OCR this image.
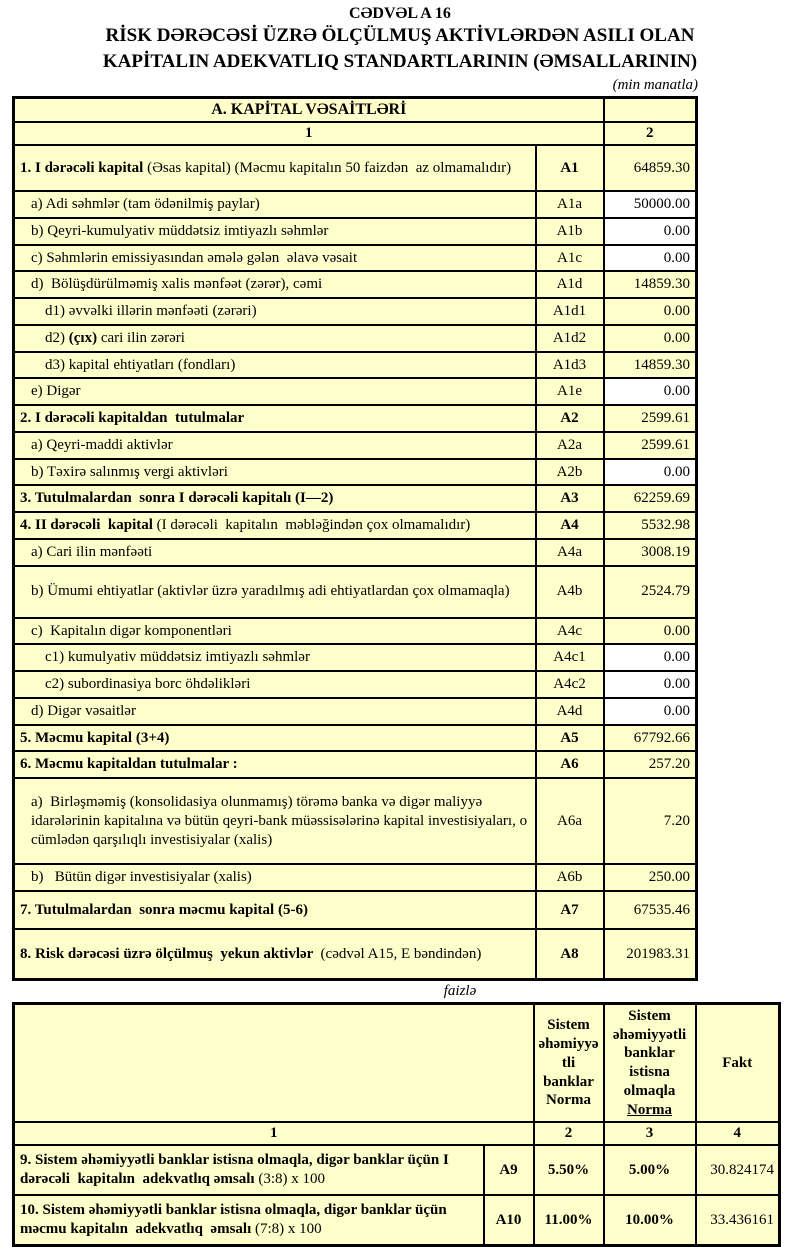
CƏDVƏL A 16
RİSK DƏRƏCƏSİ ÜZRƏ ÖLÇÜLMUŞ AKTİVLƏRDƏN ASILI OLAN
KAPİTALIN ADEKVATLIQ STANDARTLARININ (ƏMSALLARININ)
(min manatla)
A. KAPİTAL VƏSAİTLƏRİ		
1		2
1. I dərəcəli kapital (Əsas kapital) (Məcmu kapitalın 50 faizdən  az olmamalıdır)	A1	64859.30
a) Adi səhmlər (tam ödənilmiş paylar)	A1a	50000.00
b) Qeyri-kumulyativ müddətsiz imtiyazlı səhmlər	A1b	0.00
c) Səhmlərin emissiyasından əmələ gələn  əlavə vəsait	A1c	0.00
d)  Bölüşdürülməmiş xalis mənfəət (zərər), cəmi	A1d	14859.30
d1) əvvəlki illərin mənfəəti (zərəri)	A1d1	0.00
d2) (çıx) cari ilin zərəri	A1d2	0.00
d3) kapital ehtiyatları (fondları)	A1d3	14859.30
e) Digər	A1e	0.00
2. I dərəcəli kapitaldan  tutulmalar	A2	2599.61
a) Qeyri-maddi aktivlər	A2a	2599.61
b) Təxirə salınmış vergi aktivləri	A2b	0.00
3. Tutulmalardan  sonra I dərəcəli kapitalı (I—2)	A3	62259.69
4. II dərəcəli  kapital (I dərəcəli  kapitalın  məbləğindən çox olmamalıdır)	A4	5532.98
a) Cari ilin mənfəəti	A4a	3008.19
b) Ümumi ehtiyatlar (aktivlər üzrə yaradılmış adi ehtiyatlardan çox olmamaqla)	A4b	2524.79
c)  Kapitalın digər komponentləri	A4c	0.00
c1) kumulyativ müddətsiz imtiyazlı səhmlər	A4c1	0.00
c2) subordinasiya borc öhdəlikləri	A4c2	0.00
d) Digər vəsaitlər	A4d	0.00
5. Məcmu kapital (3+4)	A5	67792.66
6. Məcmu kapitaldan tutulmalar :	A6	257.20
a)  Birləşməmiş (konsolidasiya olunmamış) törəmə banka və digər maliyyə idarələrinin kapitalına və bütün qeyri-bank müəssisələrinə kapital investisiyaları, o cümlədən qarşılıqlı investisiyalar (xalis)	A6a	7.20
b)   Bütün digər investisiyalar (xalis)	A6b	250.00
7. Tutulmalardan  sonra məcmu kapital (5-6)	A7	67535.46
8. Risk dərəcəsi üzrə ölçülmuş  yekun aktivlər  (cədvəl A15, E bəndindən)	A8	201983.31
faizlə
		Sistem əhəmiyyətli banklar Norma	Sistem əhəmiyyətli banklar istisna olmaqla Norma	Fakt
1		2	3	4
9. Sistem əhəmiyyətli banklar istisna olmaqla, digər banklar üçün I dərəcəli  kapitalın  adekvatlıq əmsalı (3:8) x 100	A9	5.50%	5.00%	30.824174
10. Sistem əhəmiyyətli banklar istisna olmaqla, digər banklar üçün məcmu kapitalın  adekvatlıq  əmsalı (7:8) x 100	A10	11.00%	10.00%	33.436161
